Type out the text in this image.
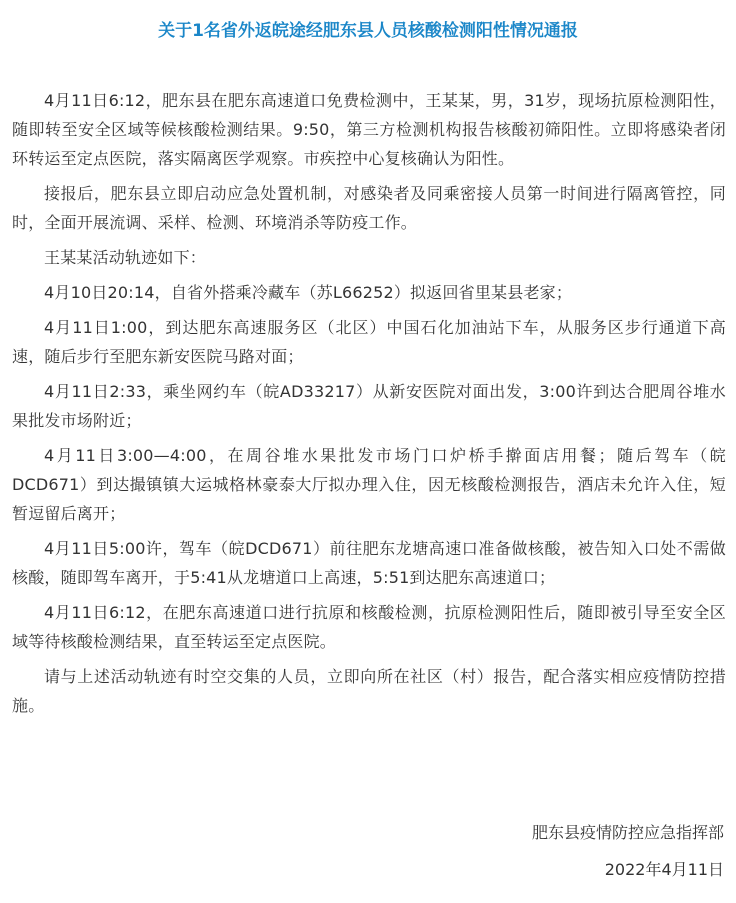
关于1名省外返皖途经肥东县人员核酸检测阳性情况通报

4月11日6:12，肥东县在肥东高速道口免费检测中，王某某，男，31岁，现场抗原检测阳性，随即转至安全区域等候核酸检测结果。9:50，第三方检测机构报告核酸初筛阳性。立即将感染者闭环转运至定点医院，落实隔离医学观察。市疾控中心复核确认为阳性。

接报后，肥东县立即启动应急处置机制，对感染者及同乘密接人员第一时间进行隔离管控，同时，全面开展流调、采样、检测、环境消杀等防疫工作。

王某某活动轨迹如下：

4月10日20:14，自省外搭乘冷藏车（苏L66252）拟返回省里某县老家；

4月11日1:00，到达肥东高速服务区（北区）中国石化加油站下车，从服务区步行通道下高速，随后步行至肥东新安医院马路对面；

4月11日2:33，乘坐网约车（皖AD33217）从新安医院对面出发，3:00许到达合肥周谷堆水果批发市场附近；

4月11日3:00—4:00，在周谷堆水果批发市场门口炉桥手擀面店用餐；随后驾车（皖DCD671）到达撮镇镇大运城格林豪泰大厅拟办理入住，因无核酸检测报告，酒店未允许入住，短暂逗留后离开；

4月11日5:00许，驾车（皖DCD671）前往肥东龙塘高速口准备做核酸，被告知入口处不需做核酸，随即驾车离开，于5:41从龙塘道口上高速，5:51到达肥东高速道口；

4月11日6:12，在肥东高速道口进行抗原和核酸检测，抗原检测阳性后，随即被引导至安全区域等待核酸检测结果，直至转运至定点医院。

请与上述活动轨迹有时空交集的人员，立即向所在社区（村）报告，配合落实相应疫情防控措施。

肥东县疫情防控应急指挥部
2022年4月11日
